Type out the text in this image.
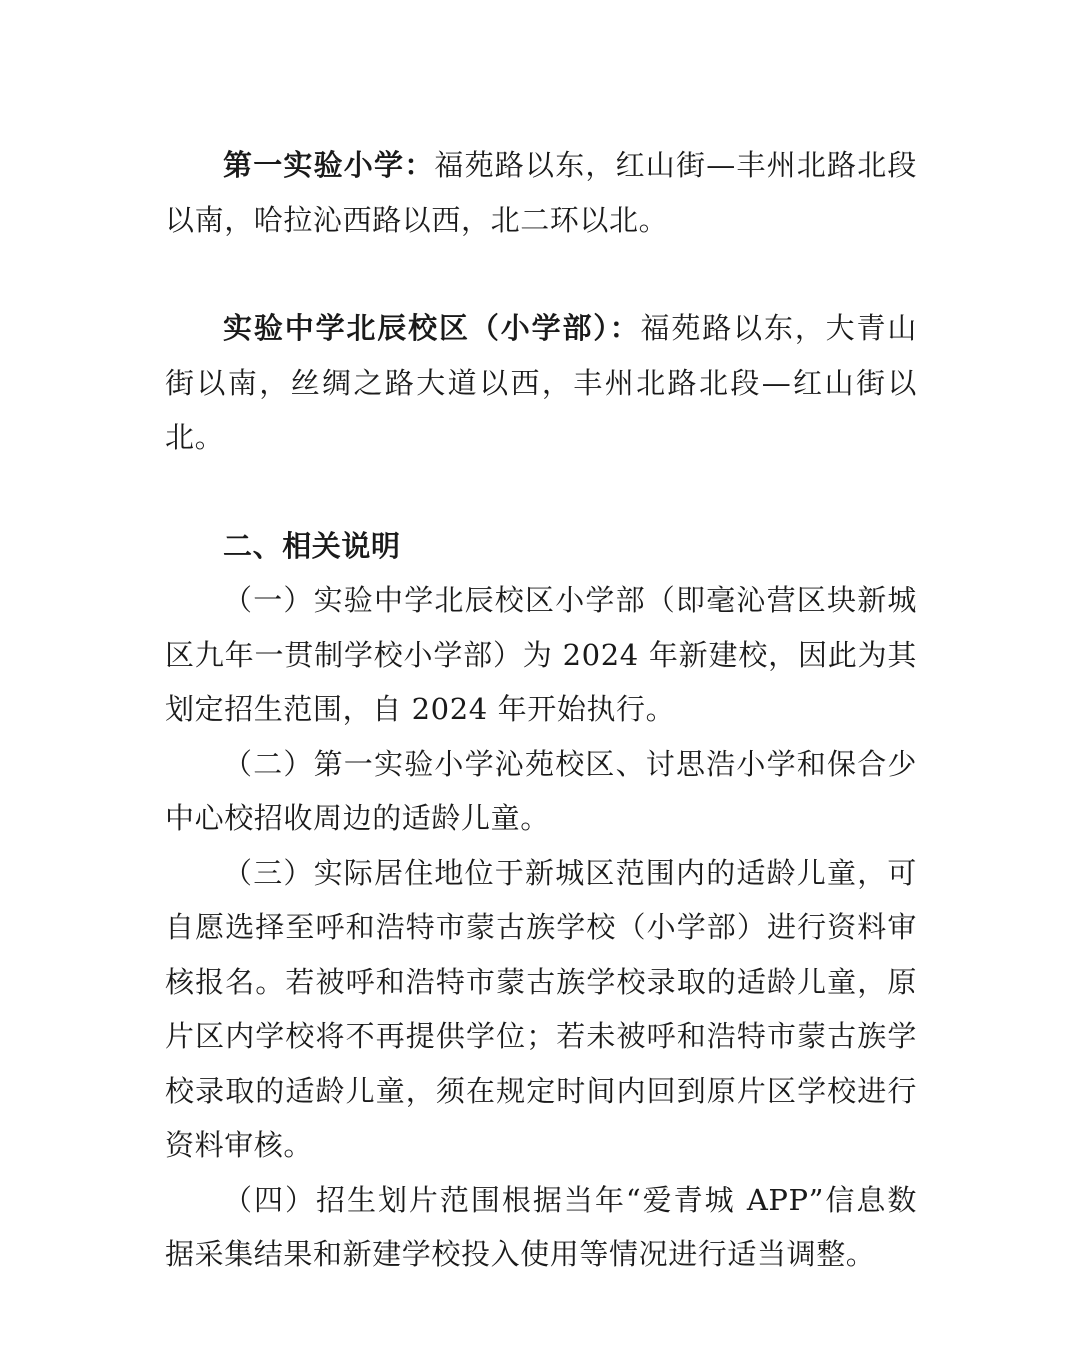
第一实验小学：福苑路以东，红山街—丰州北路北段以南，哈拉沁西路以西，北二环以北。

实验中学北辰校区（小学部）：福苑路以东，大青山街以南，丝绸之路大道以西，丰州北路北段—红山街以北。

二、相关说明

（一）实验中学北辰校区小学部（即毫沁营区块新城区九年一贯制学校小学部）为 2024 年新建校，因此为其划定招生范围，自 2024 年开始执行。

（二）第一实验小学沁苑校区、讨思浩小学和保合少中心校招收周边的适龄儿童。

（三）实际居住地位于新城区范围内的适龄儿童，可自愿选择至呼和浩特市蒙古族学校（小学部）进行资料审核报名。若被呼和浩特市蒙古族学校录取的适龄儿童，原片区内学校将不再提供学位；若未被呼和浩特市蒙古族学校录取的适龄儿童，须在规定时间内回到原片区学校进行资料审核。

（四）招生划片范围根据当年“爱青城 APP”信息数据采集结果和新建学校投入使用等情况进行适当调整。
